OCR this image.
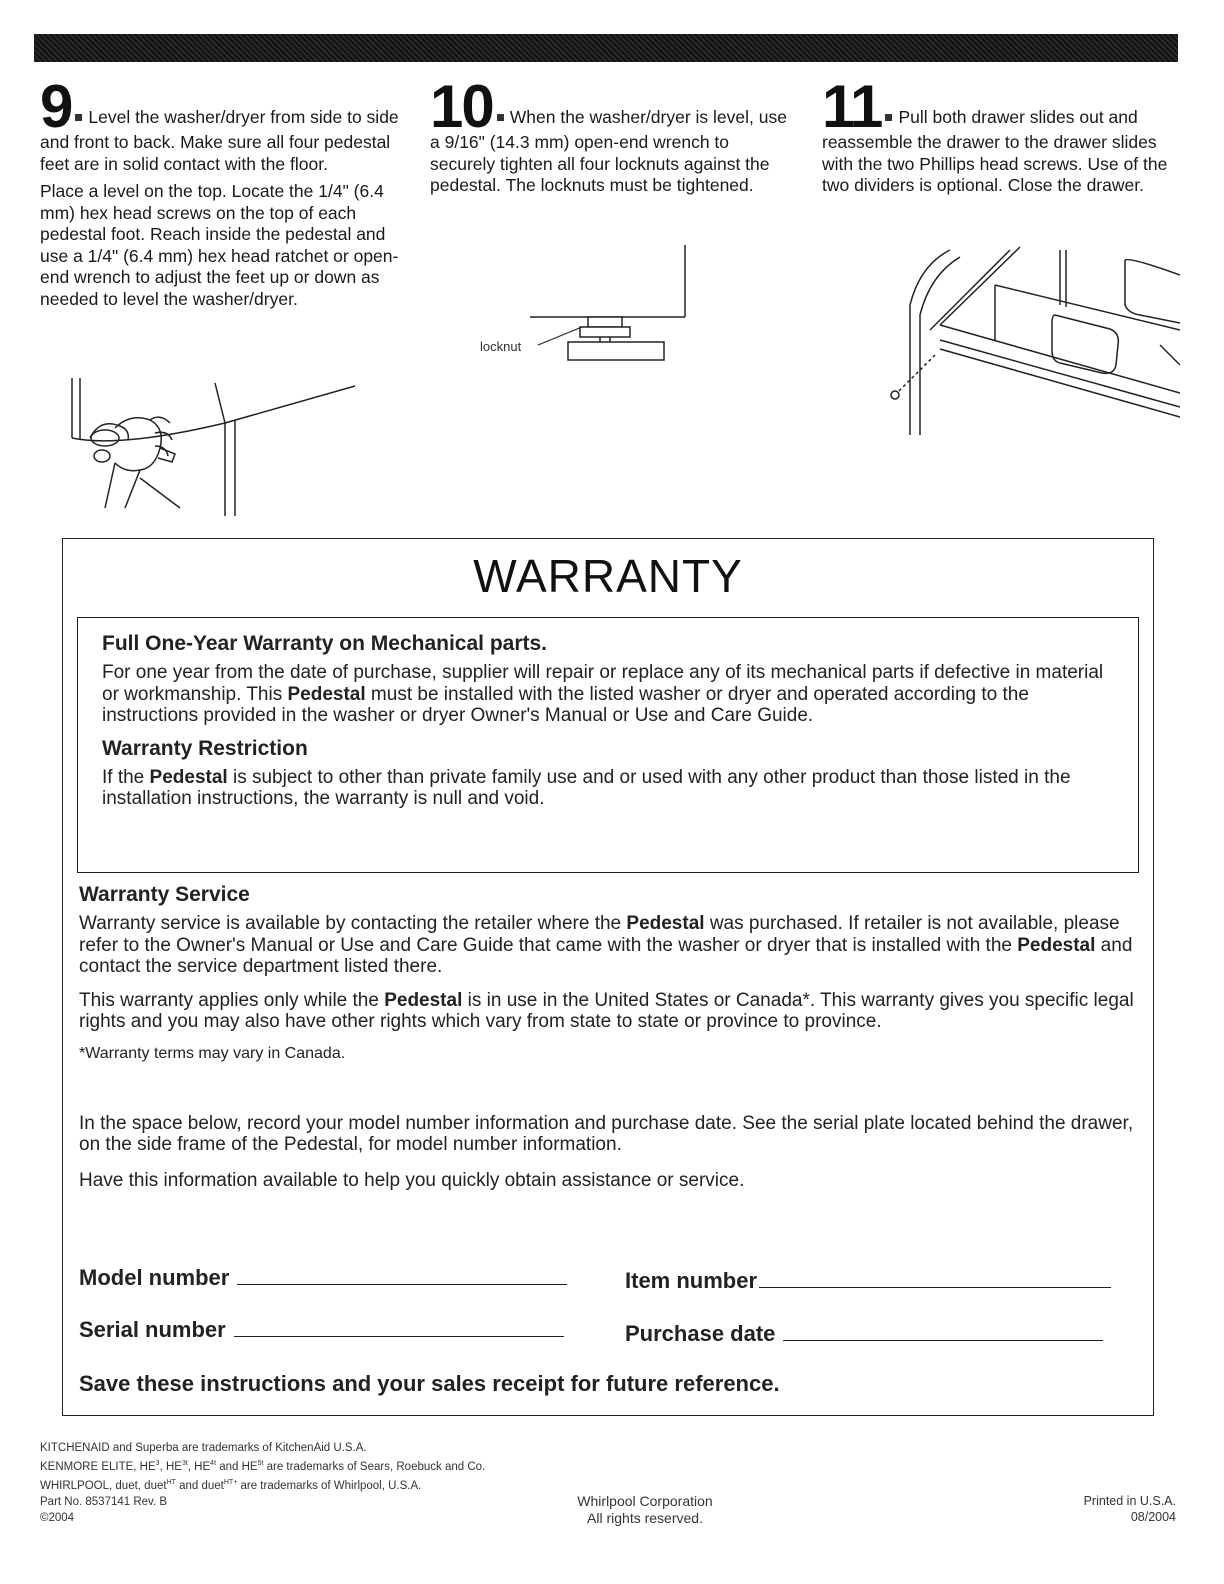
9 Level the washer/dryer from side to side and front to back. Make sure all four pedestal feet are in solid contact with the floor.

Place a level on the top. Locate the 1/4" (6.4 mm) hex head screws on the top of each pedestal foot. Reach inside the pedestal and use a 1/4" (6.4 mm) hex head ratchet or open-end wrench to adjust the feet up or down as needed to level the washer/dryer.

10 When the washer/dryer is level, use a 9/16" (14.3 mm) open-end wrench to securely tighten all four locknuts against the pedestal. The locknuts must be tightened.

11 Pull both drawer slides out and reassemble the drawer to the drawer slides with the two Phillips head screws. Use of the two dividers is optional. Close the drawer.

locknut
WARRANTY
Full One-Year Warranty on Mechanical parts.

For one year from the date of purchase, supplier will repair or replace any of its mechanical parts if defective in material or workmanship. This Pedestal must be installed with the listed washer or dryer and operated according to the instructions provided in the washer or dryer Owner's Manual or Use and Care Guide.

Warranty Restriction

If the Pedestal is subject to other than private family use and or used with any other product than those listed in the installation instructions, the warranty is null and void.

Warranty Service

Warranty service is available by contacting the retailer where the Pedestal was purchased. If retailer is not available, please refer to the Owner's Manual or Use and Care Guide that came with the washer or dryer that is installed with the Pedestal and contact the service department listed there.

This warranty applies only while the Pedestal is in use in the United States or Canada*. This warranty gives you specific legal rights and you may also have other rights which vary from state to state or province to province.

*Warranty terms may vary in Canada.

In the space below, record your model number information and purchase date. See the serial plate located behind the drawer, on the side frame of the Pedestal, for model number information.

Have this information available to help you quickly obtain assistance or service.

Model number	Item number
Serial number	Purchase date
Save these instructions and your sales receipt for future reference.
KITCHENAID and Superba are trademarks of KitchenAid U.S.A.
KENMORE ELITE, $HE^3$, $HE^{3t}$, $HE^{4t}$ and $HE^{5t}$ are trademarks of Sears, Roebuck and Co.
WHIRLPOOL, duet, duet$^{HT}$ and duet$^{HT+}$ are trademarks of Whirlpool, U.S.A.
Part No. 8537141 Rev. B
©2004
Whirlpool Corporation
All rights reserved.
Printed in U.S.A.
08/2004
